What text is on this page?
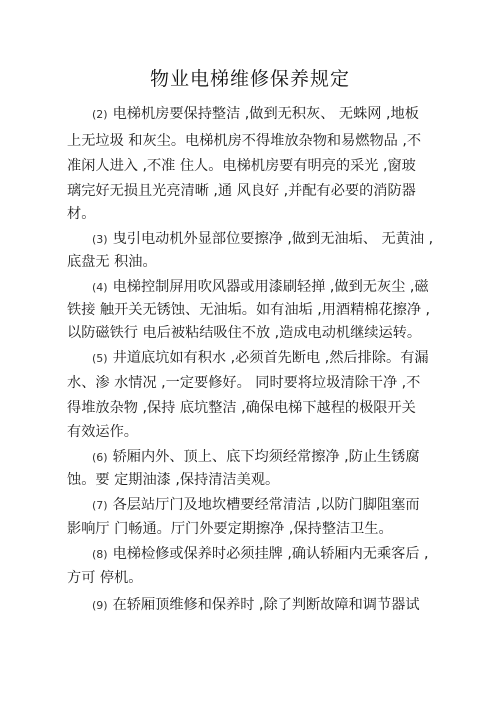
物业电梯维修保养规定
(2) 电梯机房要保持整洁 ,做到无积灰、 无蛛网 ,地板
上无垃圾 和灰尘。电梯机房不得堆放杂物和易燃物品 ,不
准闲人进入 ,不准 住人。电梯机房要有明亮的采光 ,窗玻
璃完好无损且光亮清晰 ,通 风良好 ,并配有必要的消防器
材。
(3) 曳引电动机外显部位要擦净 ,做到无油垢、 无黄油 ,
底盘无 积油。
(4) 电梯控制屏用吹风器或用漆刷轻掸 ,做到无灰尘 ,磁
铁接 触开关无锈蚀、无油垢。如有油垢 ,用酒精棉花擦净 ,
以防磁铁行 电后被粘结吸住不放 ,造成电动机继续运转。
(5) 井道底坑如有积水 ,必须首先断电 ,然后排除。有漏
水、渗 水情况 ,一定要修好。 同时要将垃圾清除干净 ,不
得堆放杂物 ,保持 底坑整洁 ,确保电梯下越程的极限开关
有效运作。
(6) 轿厢内外、顶上、底下均须经常擦净 ,防止生锈腐
蚀。要 定期油漆 ,保持清洁美观。
(7) 各层站厅门及地坎槽要经常清洁 ,以防门脚阻塞而
影响厅 门畅通。厅门外要定期擦净 ,保持整洁卫生。
(8) 电梯检修或保养时必须挂牌 ,确认轿厢内无乘客后 ,
方可 停机。
(9) 在轿厢顶维修和保养时 ,除了判断故障和调节器试
